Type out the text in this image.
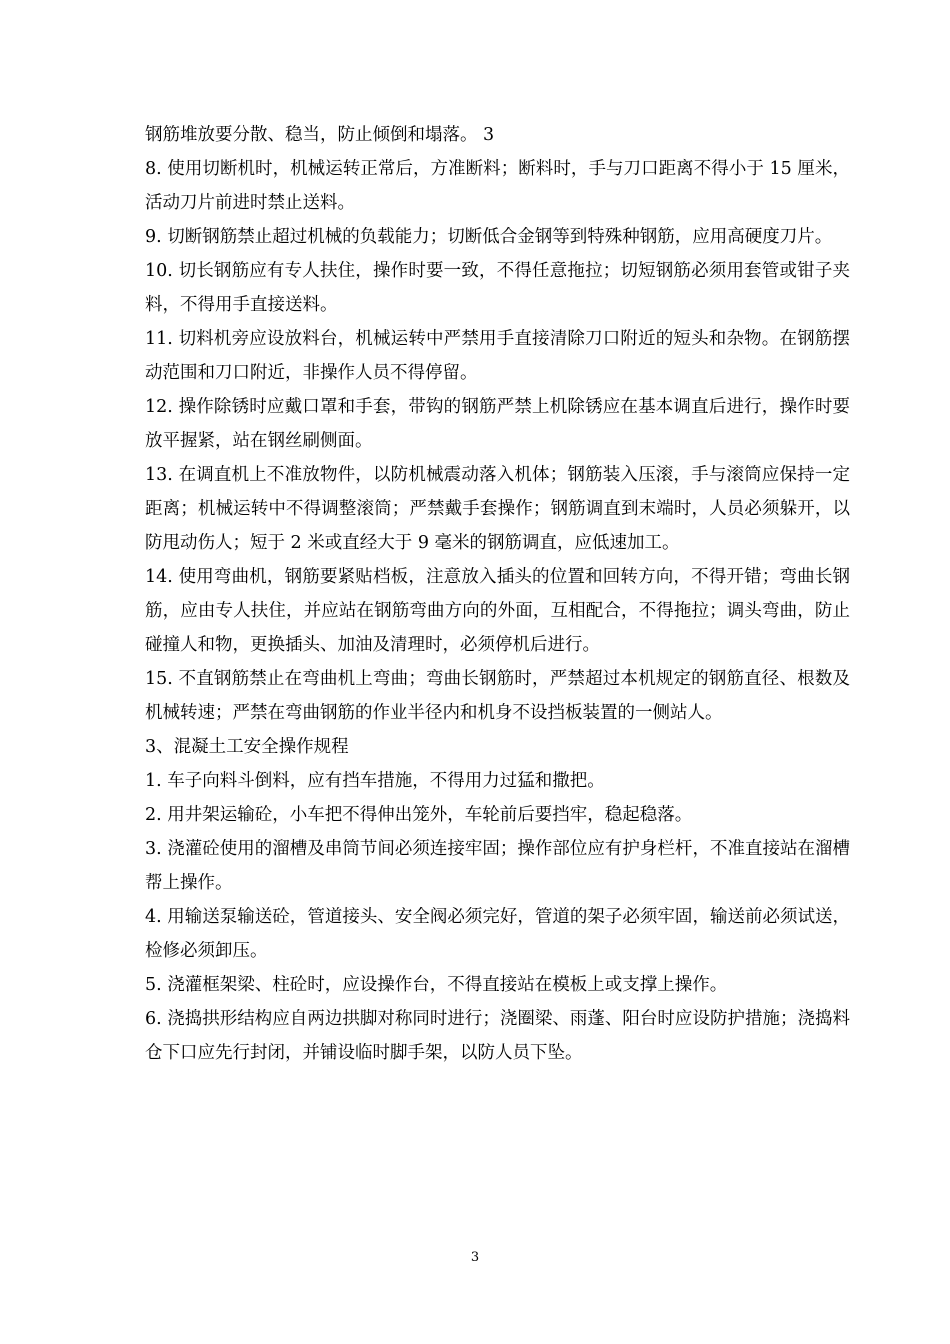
钢筋堆放要分散、稳当，防止倾倒和塌落。 3

8. 使用切断机时，机械运转正常后，方准断料；断料时，手与刀口距离不得小于 15 厘米，活动刀片前进时禁止送料。

9. 切断钢筋禁止超过机械的负载能力；切断低合金钢等到特殊种钢筋，应用高硬度刀片。

10. 切长钢筋应有专人扶住，操作时要一致，不得任意拖拉；切短钢筋必须用套管或钳子夹料，不得用手直接送料。

11. 切料机旁应设放料台，机械运转中严禁用手直接清除刀口附近的短头和杂物。在钢筋摆动范围和刀口附近，非操作人员不得停留。

12. 操作除锈时应戴口罩和手套，带钩的钢筋严禁上机除锈应在基本调直后进行，操作时要放平握紧，站在钢丝刷侧面。

13. 在调直机上不准放物件，以防机械震动落入机体；钢筋装入压滚，手与滚筒应保持一定距离；机械运转中不得调整滚筒；严禁戴手套操作；钢筋调直到末端时，人员必须躲开，以防甩动伤人；短于 2 米或直经大于 9 毫米的钢筋调直，应低速加工。

14. 使用弯曲机，钢筋要紧贴档板，注意放入插头的位置和回转方向，不得开错；弯曲长钢筋，应由专人扶住，并应站在钢筋弯曲方向的外面，互相配合，不得拖拉；调头弯曲，防止碰撞人和物，更换插头、加油及清理时，必须停机后进行。

15. 不直钢筋禁止在弯曲机上弯曲；弯曲长钢筋时，严禁超过本机规定的钢筋直径、根数及机械转速；严禁在弯曲钢筋的作业半径内和机身不设挡板装置的一侧站人。

3、混凝土工安全操作规程

1. 车子向料斗倒料，应有挡车措施，不得用力过猛和撒把。

2. 用井架运输砼，小车把不得伸出笼外，车轮前后要挡牢，稳起稳落。

3. 浇灌砼使用的溜槽及串筒节间必须连接牢固；操作部位应有护身栏杆，不准直接站在溜槽帮上操作。

4. 用输送泵输送砼，管道接头、安全阀必须完好，管道的架子必须牢固，输送前必须试送，检修必须卸压。

5. 浇灌框架梁、柱砼时，应设操作台，不得直接站在模板上或支撑上操作。

6. 浇捣拱形结构应自两边拱脚对称同时进行；浇圈梁、雨蓬、阳台时应设防护措施；浇捣料仓下口应先行封闭，并铺设临时脚手架，以防人员下坠。

3
